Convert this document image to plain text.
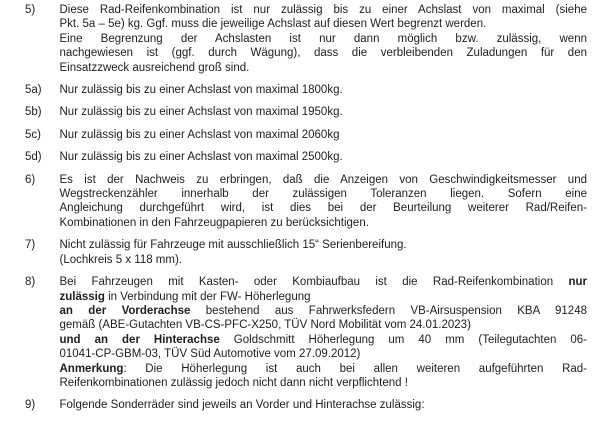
5)	Diese Rad-Reifenkombination ist nur zulässig bis zu einer Achslast von maximal (siehe
Pkt. 5a – 5e) kg. Ggf. muss die jeweilige Achslast auf diesen Wert begrenzt werden.
Eine Begrenzung der Achslasten ist nur dann möglich bzw. zulässig, wenn
nachgewiesen ist (ggf. durch Wägung), dass die verbleibenden Zuladungen für den
Einsatzzweck ausreichend groß sind.
5a)	Nur zulässig bis zu einer Achslast von maximal 1800kg.
5b)	Nur zulässig bis zu einer Achslast von maximal 1950kg.
5c)	Nur zulässig bis zu einer Achslast von maximal 2060kg
5d)	Nur zulässig bis zu einer Achslast von maximal 2500kg.
6)	Es ist der Nachweis zu erbringen, daß die Anzeigen von Geschwindigkeitsmesser und
Wegstreckenzähler innerhalb der zulässigen Toleranzen liegen. Sofern eine
Angleichung durchgeführt wird, ist dies bei der Beurteilung weiterer Rad/Reifen-
Kombinationen in den Fahrzeugpapieren zu berücksichtigen.
7)	Nicht zulässig für Fahrzeuge mit ausschließlich 15“ Serienbereifung.
(Lochkreis 5 x 118 mm).
8)	Bei Fahrzeugen mit Kasten- oder Kombiaufbau ist die Rad-Reifenkombination nur
zulässig in Verbindung mit der FW- Höherlegung
an der Vorderachse bestehend aus Fahrwerksfedern VB-Airsuspension KBA 91248
gemäß (ABE-Gutachten VB-CS-PFC-X250, TÜV Nord Mobilität vom 24.01.2023)
und an der Hinterachse Goldschmitt Höherlegung um 40 mm (Teilegutachten 06-
01041-CP-GBM-03, TÜV Süd Automotive vom 27.09.2012)
Anmerkung: Die Höherlegung ist auch bei allen weiteren aufgeführten Rad-
Reifenkombinationen zulässig jedoch nicht dann nicht verpflichtend !
9)	Folgende Sonderräder sind jeweils an Vorder und Hinterachse zulässig:
